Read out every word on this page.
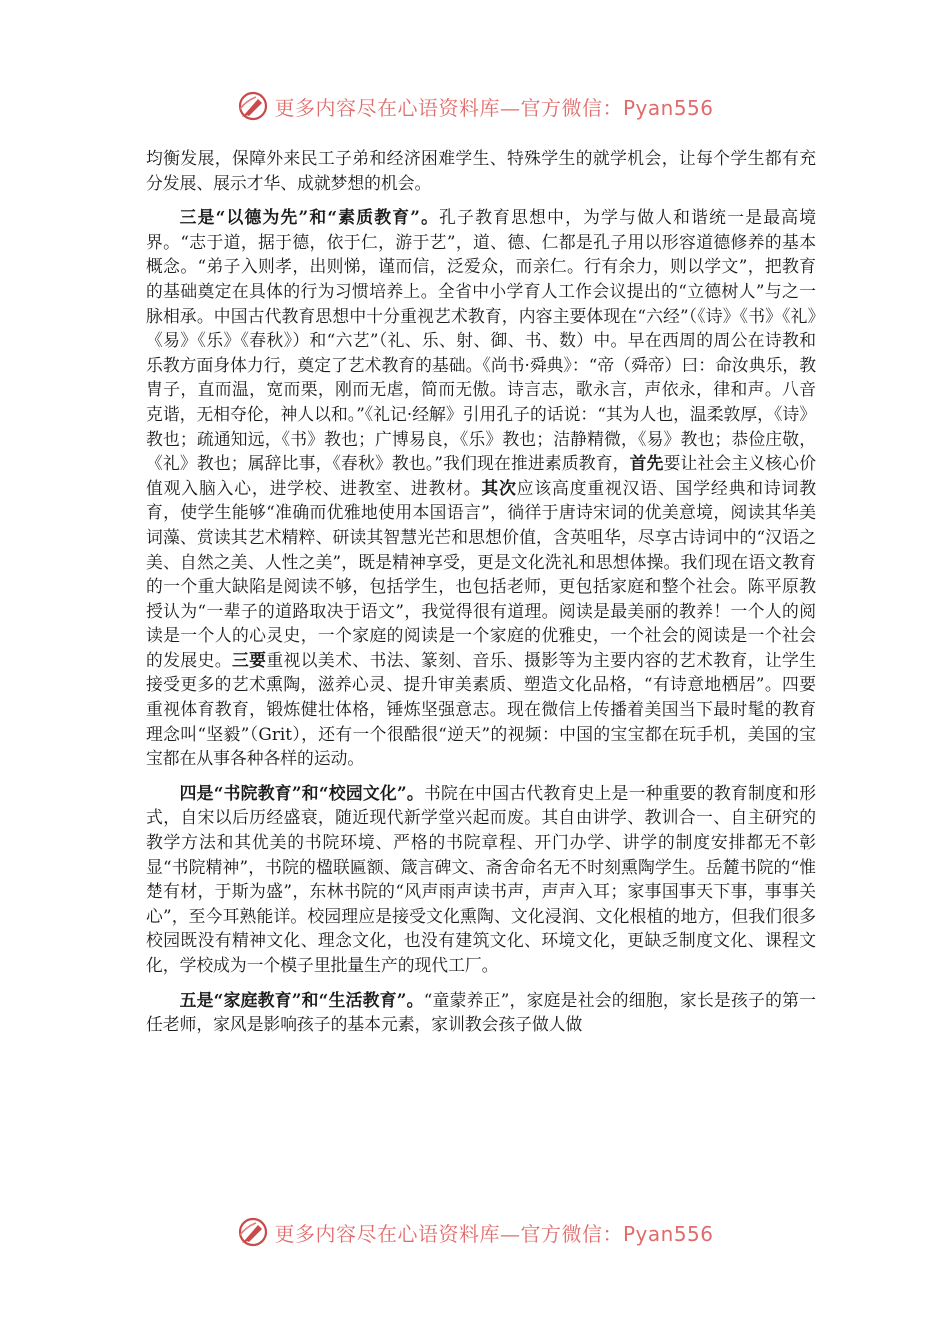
更多内容尽在心语资料库—官方微信：Pyan556

均衡发展，保障外来民工子弟和经济困难学生、特殊学生的就学机会，让每个学生都有充分发展、展示才华、成就梦想的机会。

三是“以德为先”和“素质教育”。孔子教育思想中，为学与做人和谐统一是最高境界。“志于道，据于德，依于仁，游于艺”，道、德、仁都是孔子用以形容道德修养的基本概念。“弟子入则孝，出则悌，谨而信，泛爱众，而亲仁。行有余力，则以学文”，把教育的基础奠定在具体的行为习惯培养上。全省中小学育人工作会议提出的“立德树人”与之一脉相承。中国古代教育思想中十分重视艺术教育，内容主要体现在“六经”（《诗》《书》《礼》《易》《乐》《春秋》）和“六艺”（礼、乐、射、御、书、数）中。早在西周的周公在诗教和乐教方面身体力行，奠定了艺术教育的基础。《尚书·舜典》：“帝（舜帝）曰：命汝典乐，教胄子，直而温，宽而栗，刚而无虐，简而无傲。诗言志，歌永言，声依永，律和声。八音克谐，无相夺伦，神人以和。”《礼记·经解》引用孔子的话说：“其为人也，温柔敦厚，《诗》教也；疏通知远，《书》教也；广博易良，《乐》教也；洁静精微，《易》教也；恭俭庄敬，《礼》教也；属辞比事，《春秋》教也。”我们现在推进素质教育，首先要让社会主义核心价值观入脑入心，进学校、进教室、进教材。其次应该高度重视汉语、国学经典和诗词教育，使学生能够“准确而优雅地使用本国语言”，徜徉于唐诗宋词的优美意境，阅读其华美词藻、赏读其艺术精粹、研读其智慧光芒和思想价值，含英咀华，尽享古诗词中的“汉语之美、自然之美、人性之美”，既是精神享受，更是文化洗礼和思想体操。我们现在语文教育的一个重大缺陷是阅读不够，包括学生，也包括老师，更包括家庭和整个社会。陈平原教授认为“一辈子的道路取决于语文”，我觉得很有道理。阅读是最美丽的教养！一个人的阅读是一个人的心灵史，一个家庭的阅读是一个家庭的优雅史，一个社会的阅读是一个社会的发展史。三要重视以美术、书法、篆刻、音乐、摄影等为主要内容的艺术教育，让学生接受更多的艺术熏陶，滋养心灵、提升审美素质、塑造文化品格，“有诗意地栖居”。四要重视体育教育，锻炼健壮体格，锤炼坚强意志。现在微信上传播着美国当下最时髦的教育理念叫“坚毅”（Grit），还有一个很酷很“逆天”的视频：中国的宝宝都在玩手机，美国的宝宝都在从事各种各样的运动。

四是“书院教育”和“校园文化”。书院在中国古代教育史上是一种重要的教育制度和形式，自宋以后历经盛衰，随近现代新学堂兴起而废。其自由讲学、教训合一、自主研究的教学方法和其优美的书院环境、严格的书院章程、开门办学、讲学的制度安排都无不彰显“书院精神”，书院的楹联匾额、箴言碑文、斋舍命名无不时刻熏陶学生。岳麓书院的“惟楚有材，于斯为盛”，东林书院的“风声雨声读书声，声声入耳；家事国事天下事，事事关心”，至今耳熟能详。校园理应是接受文化熏陶、文化浸润、文化根植的地方，但我们很多校园既没有精神文化、理念文化，也没有建筑文化、环境文化，更缺乏制度文化、课程文化，学校成为一个模子里批量生产的现代工厂。

五是“家庭教育”和“生活教育”。“童蒙养正”，家庭是社会的细胞，家长是孩子的第一任老师，家风是影响孩子的基本元素，家训教会孩子做人做

更多内容尽在心语资料库—官方微信：Pyan556
